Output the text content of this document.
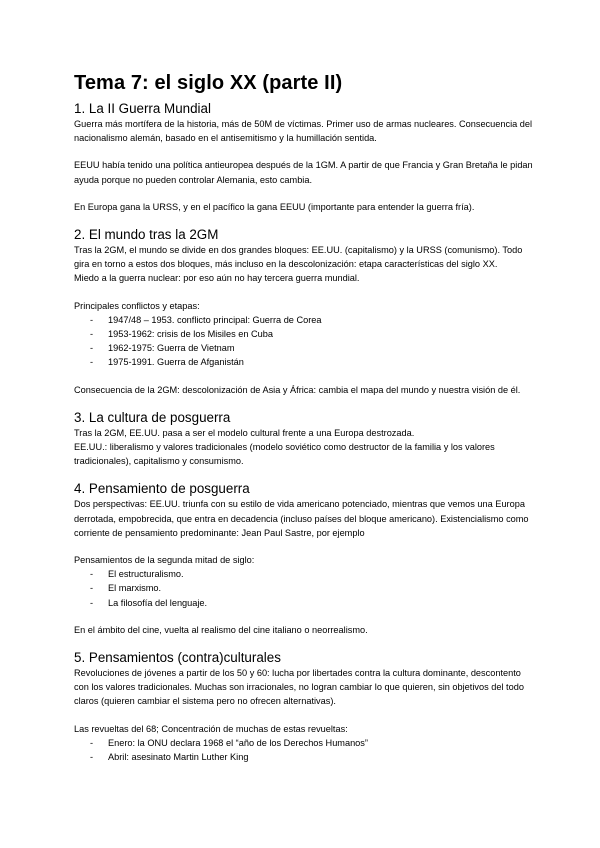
Tema 7: el siglo XX (parte II)
1. La II Guerra Mundial

Guerra más mortífera de la historia, más de 50M de víctimas. Primer uso de armas nucleares. Consecuencia del nacionalismo alemán, basado en el antisemitismo y la humillación sentida.

EEUU había tenido una política antieuropea después de la 1GM. A partir de que Francia y Gran Bretaña le pidan ayuda porque no pueden controlar Alemania, esto cambia.

En Europa gana la URSS, y en el pacífico la gana EEUU (importante para entender la guerra fría).

2. El mundo tras la 2GM

Tras la 2GM, el mundo se divide en dos grandes bloques: EE.UU. (capitalismo) y la URSS (comunismo). Todo gira en torno a estos dos bloques, más incluso en la descolonización: etapa características del siglo XX.
Miedo a la guerra nuclear: por eso aún no hay tercera guerra mundial.

Principales conflictos y etapas:

- 1947/48 – 1953. conflicto principal: Guerra de Corea
- 1953-1962: crisis de los Misiles en Cuba
- 1962-1975: Guerra de Vietnam
- 1975-1991. Guerra de Afganistán

Consecuencia de la 2GM: descolonización de Asia y África: cambia el mapa del mundo y nuestra visión de él.

3. La cultura de posguerra

Tras la 2GM, EE.UU. pasa a ser el modelo cultural frente a una Europa destrozada.
EE.UU.: liberalismo y valores tradicionales (modelo soviético como destructor de la familia y los valores tradicionales), capitalismo y consumismo.

4. Pensamiento de posguerra

Dos perspectivas: EE.UU. triunfa con su estilo de vida americano potenciado, mientras que vemos una Europa derrotada, empobrecida, que entra en decadencia (incluso países del bloque americano). Existencialismo como corriente de pensamiento predominante: Jean Paul Sastre, por ejemplo

Pensamientos de la segunda mitad de siglo:

- El estructuralismo.
- El marxismo.
- La filosofía del lenguaje.

En el ámbito del cine, vuelta al realismo del cine italiano o neorrealismo.

5. Pensamientos (contra)culturales

Revoluciones de jóvenes a partir de los 50 y 60: lucha por libertades contra la cultura dominante, descontento con los valores tradicionales. Muchas son irracionales, no logran cambiar lo que quieren, sin objetivos del todo claros (quieren cambiar el sistema pero no ofrecen alternativas).

Las revueltas del 68; Concentración de muchas de estas revueltas:

- Enero: la ONU declara 1968 el “año de los Derechos Humanos”
- Abril: asesinato Martin Luther King
